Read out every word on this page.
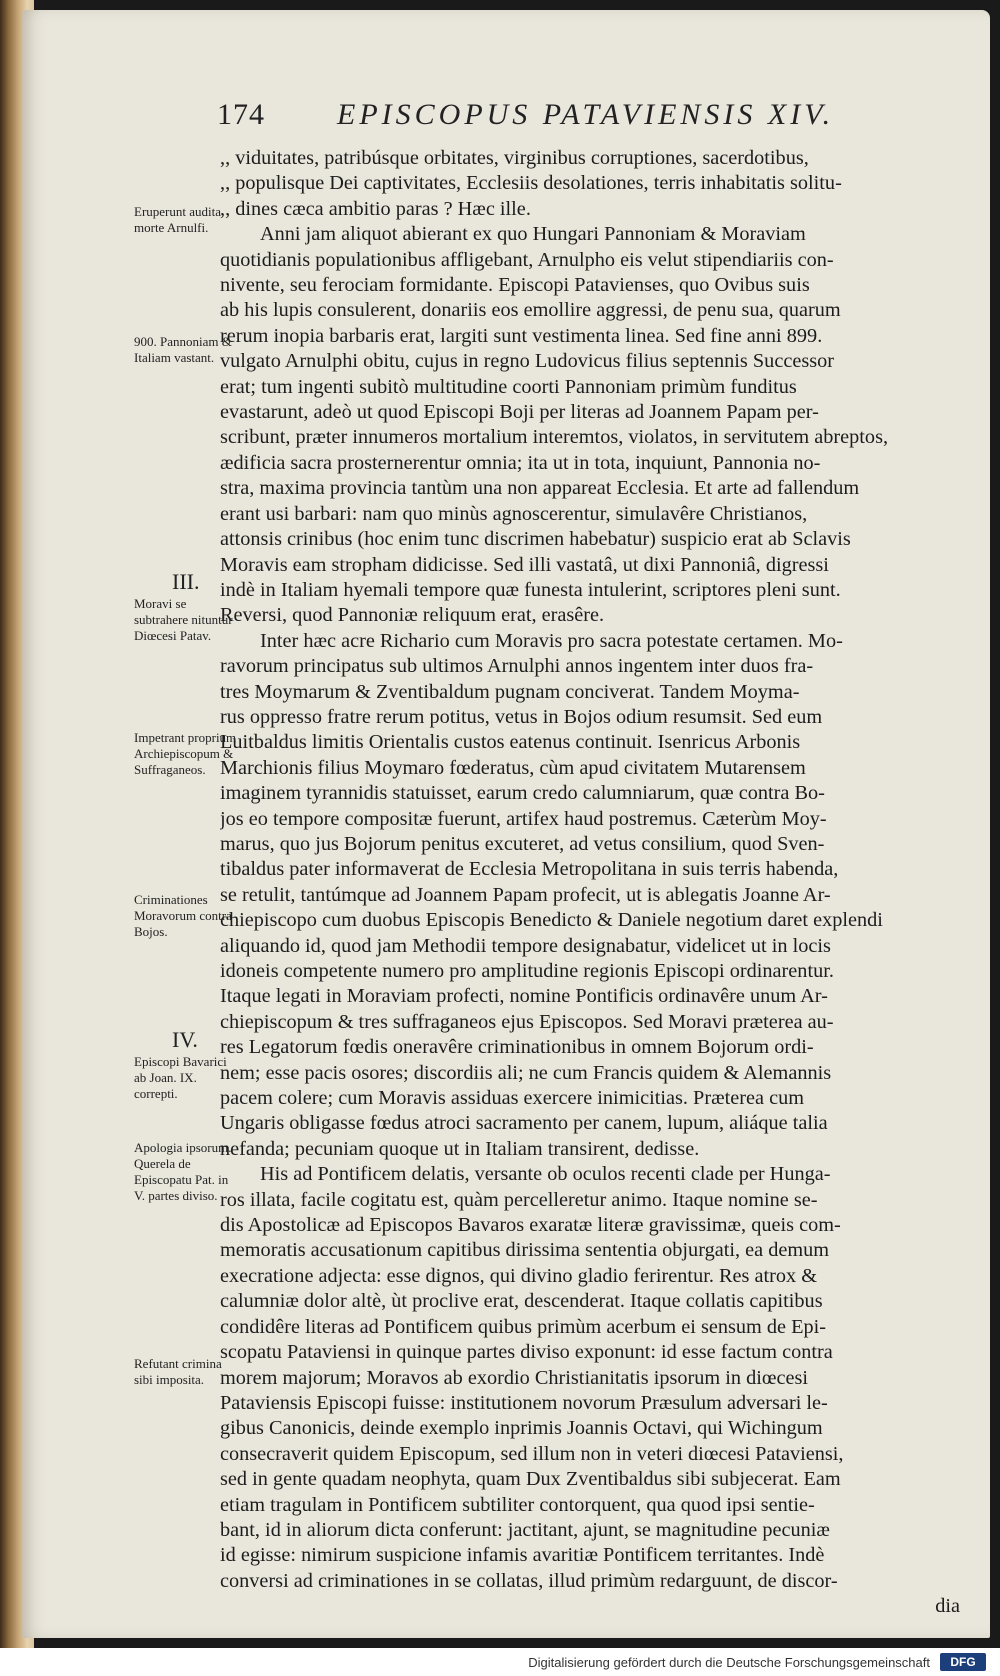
174 EPISCOPUS PATAVIENSIS XIV.
,, viduitates, patribúsque orbitates, virginibus corruptiones, sacerdotibus,
,, populisque Dei captivitates, Ecclesiis desolationes, terris inhabitatis solitu-
,, dines cæca ambitio paras ? Hæc ille.
Anni jam aliquot abierant ex quo Hungari Pannoniam & Moraviam
quotidianis populationibus affligebant, Arnulpho eis velut stipendiariis con-
nivente, seu ferociam formidante. Episcopi Patavienses, quo Ovibus suis
ab his lupis consulerent, donariis eos emollire aggressi, de penu sua, quarum
rerum inopia barbaris erat, largiti sunt vestimenta linea. Sed fine anni 899.
vulgato Arnulphi obitu, cujus in regno Ludovicus filius septennis Successor
erat; tum ingenti subitò multitudine coorti Pannoniam primùm funditus
evastarunt, adeò ut quod Episcopi Boji per literas ad Joannem Papam per-
scribunt, præter innumeros mortalium interemtos, violatos, in servitutem abreptos,
ædificia sacra prosternerentur omnia; ita ut in tota, inquiunt, Pannonia no-
stra, maxima provincia tantùm una non appareat Ecclesia. Et arte ad fallendum
erant usi barbari: nam quo minùs agnoscerentur, simulavêre Christianos,
attonsis crinibus (hoc enim tunc discrimen habebatur) suspicio erat ab Sclavis
Moravis eam stropham didicisse. Sed illi vastatâ, ut dixi Pannoniâ, digressi
indè in Italiam hyemali tempore quæ funesta intulerint, scriptores pleni sunt.
Reversi, quod Pannoniæ reliquum erat, erasêre.
Inter hæc acre Richario cum Moravis pro sacra potestate certamen. Mo-
ravorum principatus sub ultimos Arnulphi annos ingentem inter duos fra-
tres Moymarum & Zventibaldum pugnam conciverat. Tandem Moyma-
rus oppresso fratre rerum potitus, vetus in Bojos odium resumsit. Sed eum
Luitbaldus limitis Orientalis custos eatenus continuit. Isenricus Arbonis
Marchionis filius Moymaro fœderatus, cùm apud civitatem Mutarensem
imaginem tyrannidis statuisset, earum credo calumniarum, quæ contra Bo-
jos eo tempore compositæ fuerunt, artifex haud postremus. Cæterùm Moy-
marus, quo jus Bojorum penitus excuteret, ad vetus consilium, quod Sven-
tibaldus pater informaverat de Ecclesia Metropolitana in suis terris habenda,
se retulit, tantúmque ad Joannem Papam profecit, ut is ablegatis Joanne Ar-
chiepiscopo cum duobus Episcopis Benedicto & Daniele negotium daret explendi
aliquando id, quod jam Methodii tempore designabatur, videlicet ut in locis
idoneis competente numero pro amplitudine regionis Episcopi ordinarentur.
Itaque legati in Moraviam profecti, nomine Pontificis ordinavêre unum Ar-
chiepiscopum & tres suffraganeos ejus Episcopos. Sed Moravi præterea au-
res Legatorum fœdis oneravêre criminationibus in omnem Bojorum ordi-
nem; esse pacis osores; discordiis ali; ne cum Francis quidem & Alemannis
pacem colere; cum Moravis assiduas exercere inimicitias. Præterea cum
Ungaris obligasse fœdus atroci sacramento per canem, lupum, aliáque talia
nefanda; pecuniam quoque ut in Italiam transirent, dedisse.
His ad Pontificem delatis, versante ob oculos recenti clade per Hunga-
ros illata, facile cogitatu est, quàm percelleretur animo. Itaque nomine se-
dis Apostolicæ ad Episcopos Bavaros exaratæ literæ gravissimæ, queis com-
memoratis accusationum capitibus dirissima sententia objurgati, ea demum
execratione adjecta: esse dignos, qui divino gladio ferirentur. Res atrox &
calumniæ dolor altè, ùt proclive erat, descenderat. Itaque collatis capitibus
condidêre literas ad Pontificem quibus primùm acerbum ei sensum de Epi-
scopatu Pataviensi in quinque partes diviso exponunt: id esse factum contra
morem majorum; Moravos ab exordio Christianitatis ipsorum in diœcesi
Pataviensis Episcopi fuisse: institutionem novorum Præsulum adversari le-
gibus Canonicis, deinde exemplo inprimis Joannis Octavi, qui Wichingum
consecraverit quidem Episcopum, sed illum non in veteri diœcesi Pataviensi,
sed in gente quadam neophyta, quam Dux Zventibaldus sibi subjecerat. Eam
etiam tragulam in Pontificem subtiliter contorquent, qua quod ipsi sentie-
bant, id in aliorum dicta conferunt: jactitant, ajunt, se magnitudine pecuniæ
id egisse: nimirum suspicione infamis avaritiæ Pontificem territantes. Indè
conversi ad criminationes in se collatas, illud primùm redarguunt, de discor-
dia
Eruperunt audita morte Arnulfi.
900. Pannoniam & Italiam vastant.
III.
Moravi se subtrahere nituntur Diœcesi Patav.
Impetrant proprium Archiepiscopum & Suffraganeos.
Criminationes Moravorum contra Bojos.
IV.
Episcopi Bavarici ab Joan. IX. correpti.
Apologia ipsorum. Querela de Episcopatu Pat. in V. partes diviso.
Refutant crimina sibi imposita.
Digitalisierung gefördert durch die Deutsche Forschungsgemeinschaft	DFG
